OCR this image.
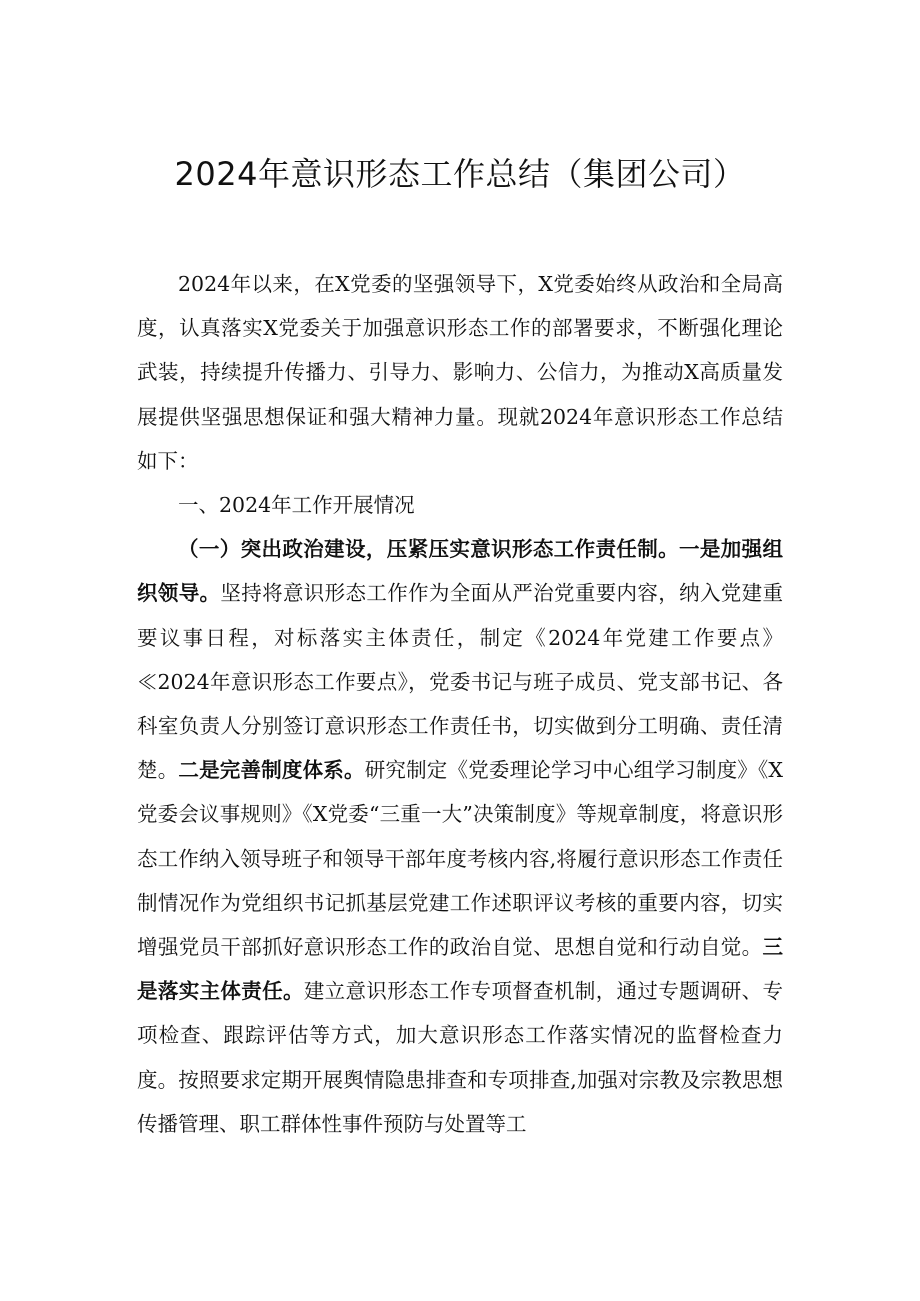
2024年意识形态工作总结（集团公司）

2024年以来，在X党委的坚强领导下，X党委始终从政治和全局高度，认真落实X党委关于加强意识形态工作的部署要求，不断强化理论武装，持续提升传播力、引导力、影响力、公信力，为推动X高质量发展提供坚强思想保证和强大精神力量。现就2024年意识形态工作总结如下：

一、2024年工作开展情况

（一）突出政治建设，压紧压实意识形态工作责任制。一是加强组织领导。坚持将意识形态工作作为全面从严治党重要内容，纳入党建重要议事日程，对标落实主体责任，制定《2024年党建工作要点》≪2024年意识形态工作要点》，党委书记与班子成员、党支部书记、各科室负责人分别签订意识形态工作责任书，切实做到分工明确、责任清楚。二是完善制度体系。研究制定《党委理论学习中心组学习制度》《X党委会议事规则》《X党委“三重一大”决策制度》等规章制度，将意识形态工作纳入领导班子和领导干部年度考核内容,将履行意识形态工作责任制情况作为党组织书记抓基层党建工作述职评议考核的重要内容，切实增强党员干部抓好意识形态工作的政治自觉、思想自觉和行动自觉。三是落实主体责任。建立意识形态工作专项督查机制，通过专题调研、专项检查、跟踪评估等方式，加大意识形态工作落实情况的监督检查力度。按照要求定期开展舆情隐患排查和专项排查,加强对宗教及宗教思想传播管理、职工群体性事件预防与处置等工
